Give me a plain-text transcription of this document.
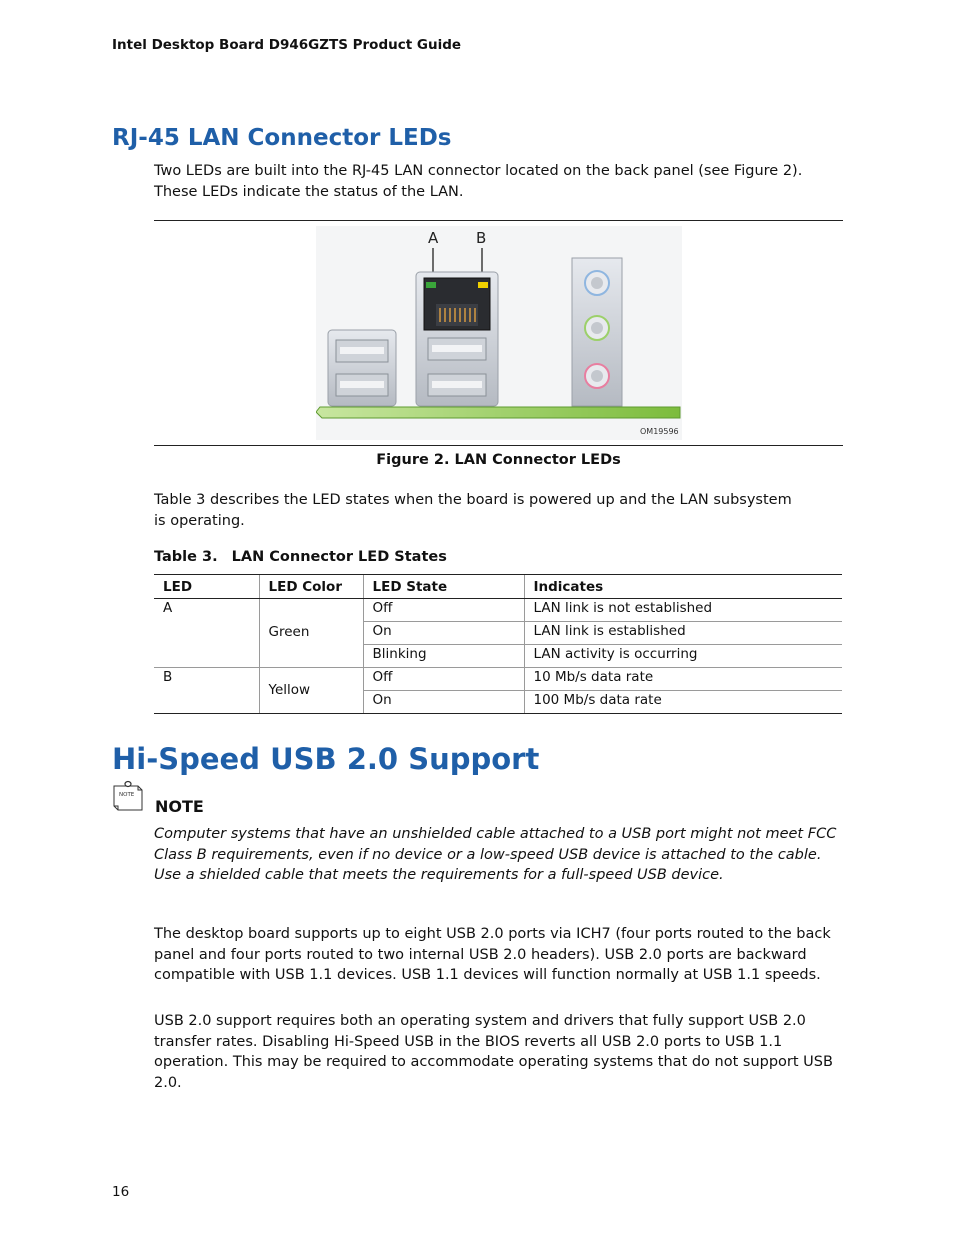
Intel Desktop Board D946GZTS Product Guide
RJ-45 LAN Connector LEDs
Two LEDs are built into the RJ-45 LAN connector located on the back panel (see Figure 2). These LEDs indicate the status of the LAN.
A	B
OM19596
Figure 2. LAN Connector LEDs
Table 3 describes the LED states when the board is powered up and the LAN subsystem is operating.
Table 3. LAN Connector LED States
LED	LED Color	LED State	Indicates
A	Green	Off	LAN link is not established
		On	LAN link is established
		Blinking	LAN activity is occurring
B	Yellow	Off	10 Mb/s data rate
		On	100 Mb/s data rate
Hi-Speed USB 2.0 Support
NOTE
NOTE
Computer systems that have an unshielded cable attached to a USB port might not meet FCC Class B requirements, even if no device or a low-speed USB device is attached to the cable. Use a shielded cable that meets the requirements for a full-speed USB device.
The desktop board supports up to eight USB 2.0 ports via ICH7 (four ports routed to the back panel and four ports routed to two internal USB 2.0 headers). USB 2.0 ports are backward compatible with USB 1.1 devices. USB 1.1 devices will function normally at USB 1.1 speeds.
USB 2.0 support requires both an operating system and drivers that fully support USB 2.0 transfer rates. Disabling Hi-Speed USB in the BIOS reverts all USB 2.0 ports to USB 1.1 operation. This may be required to accommodate operating systems that do not support USB 2.0.
16
